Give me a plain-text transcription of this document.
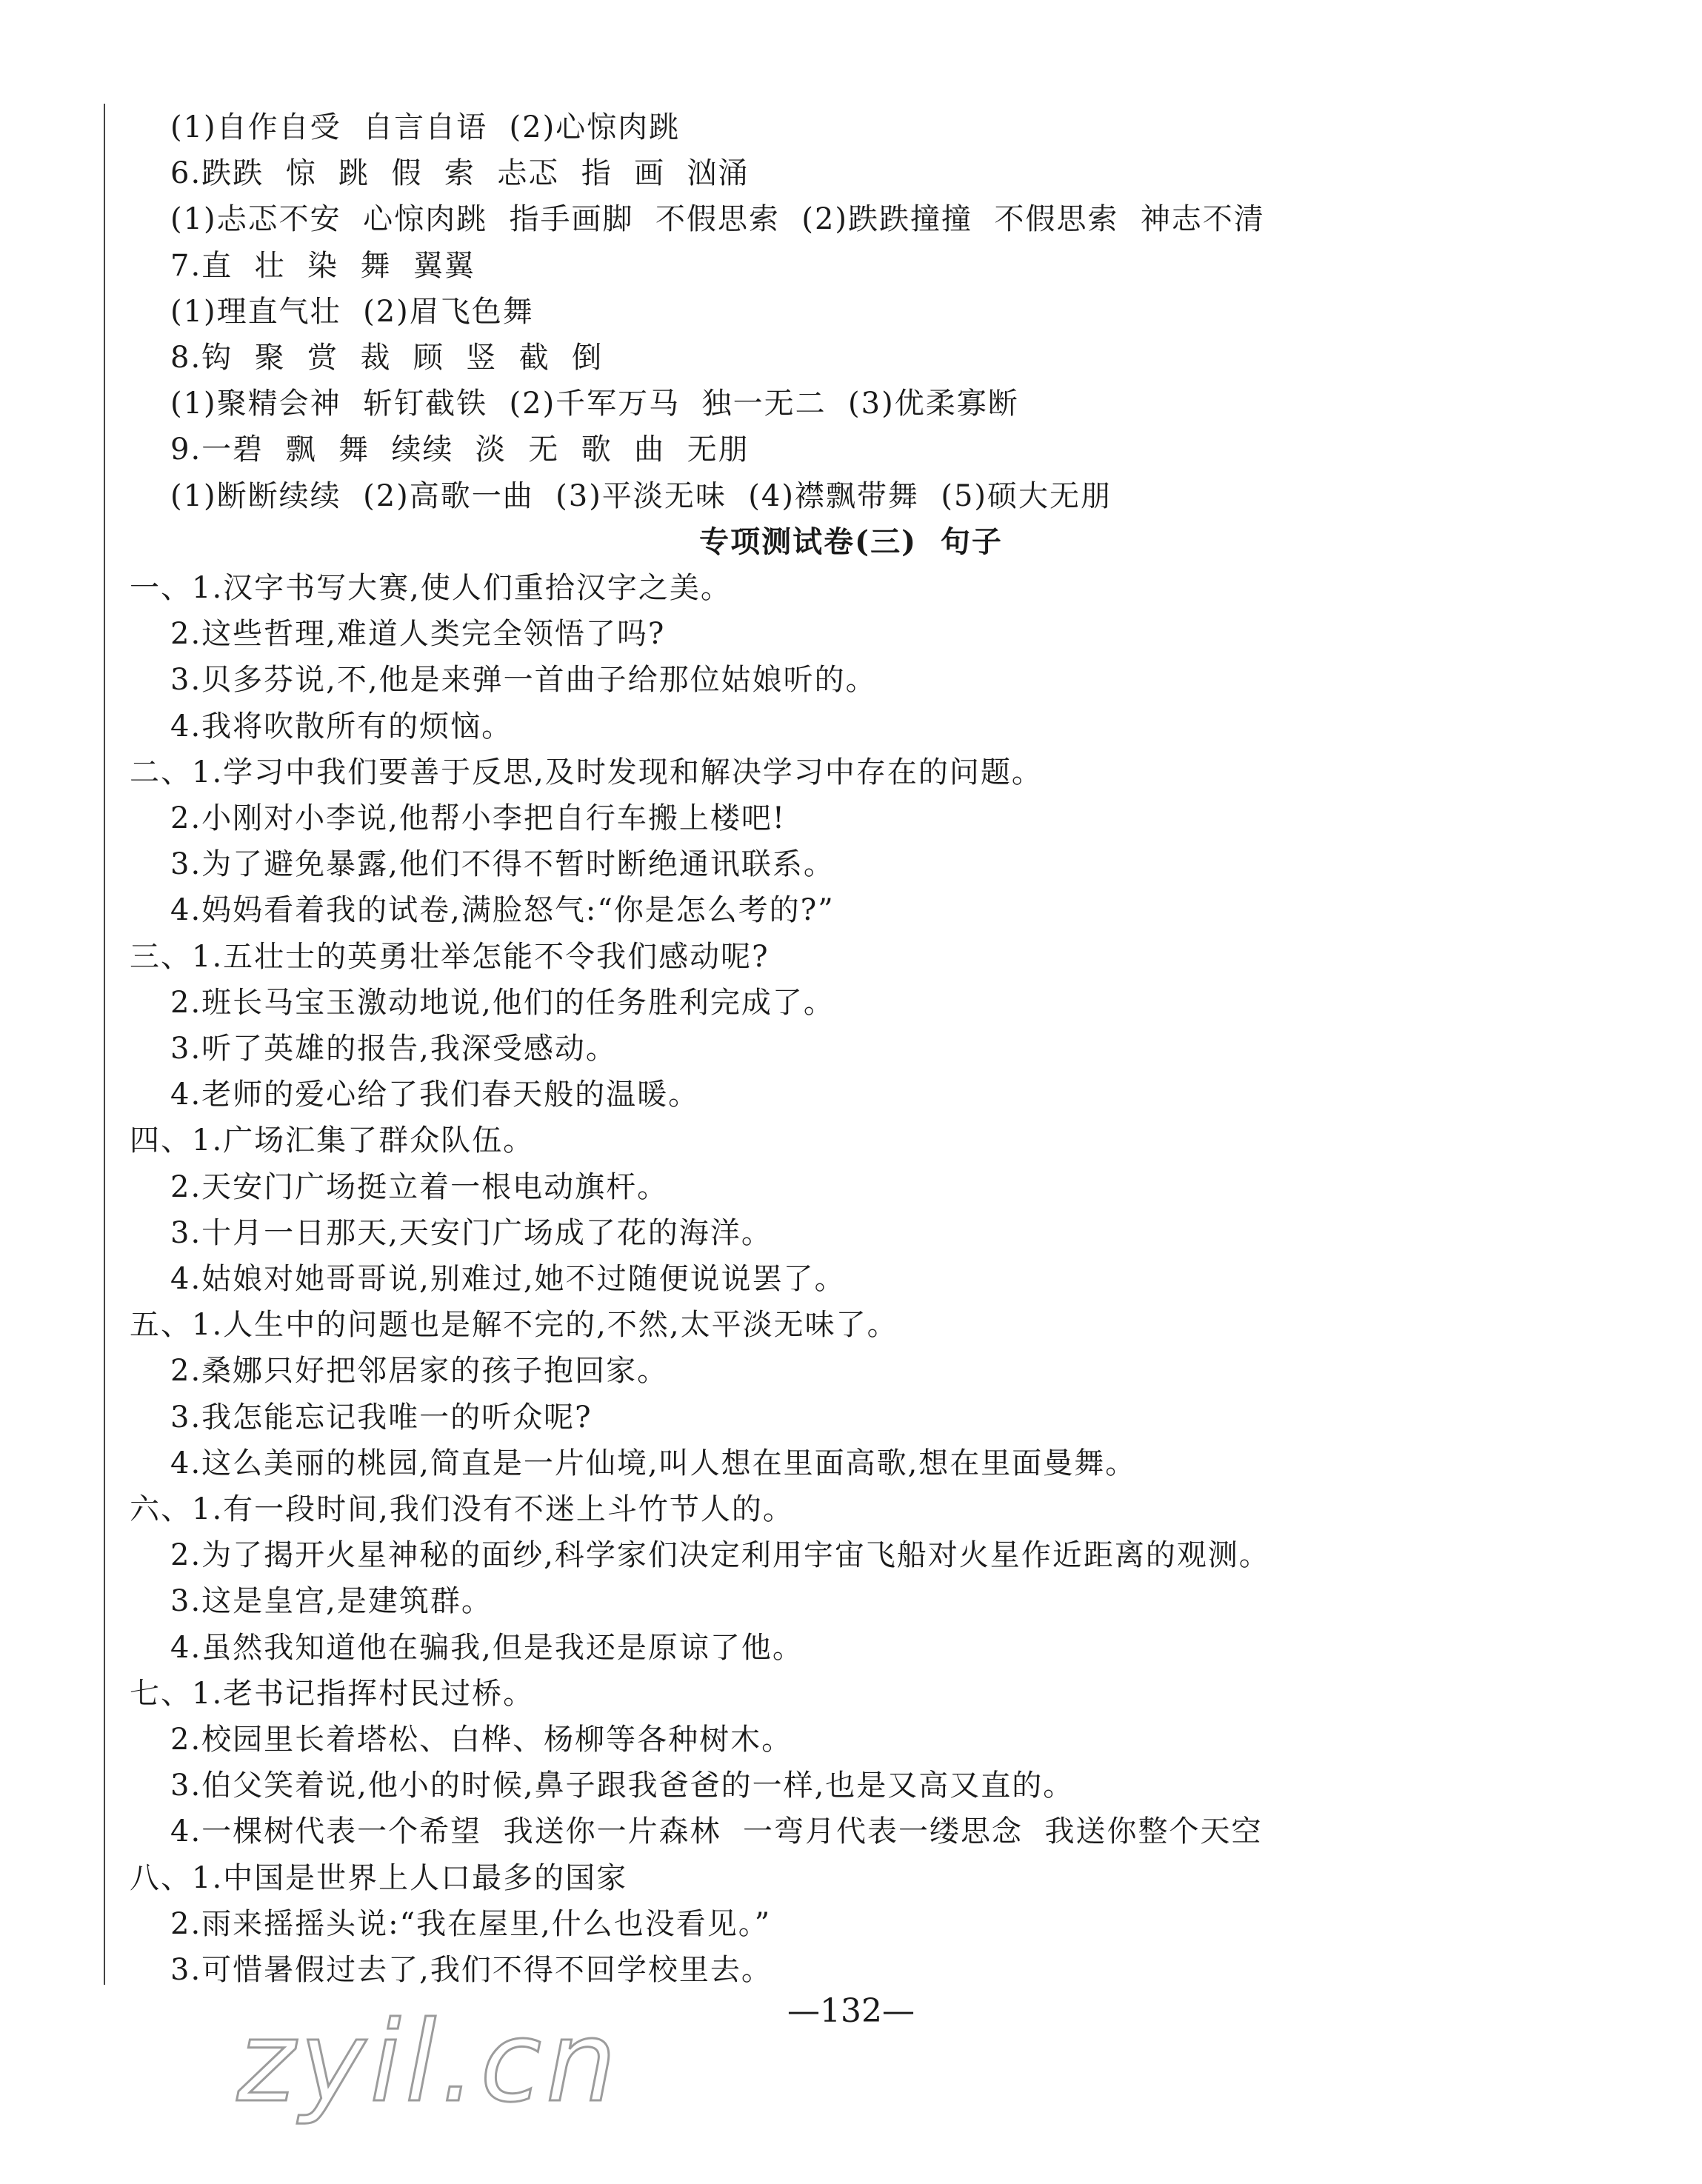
(1)自作自受  自言自语  (2)心惊肉跳
6.跌跌  惊  跳  假  索  忐忑  指  画  汹涌
(1)忐忑不安  心惊肉跳  指手画脚  不假思索  (2)跌跌撞撞  不假思索  神志不清
7.直  壮  染  舞  翼翼
(1)理直气壮  (2)眉飞色舞
8.钩  聚  赏  裁  顾  竖  截  倒
(1)聚精会神  斩钉截铁  (2)千军万马  独一无二  (3)优柔寡断
9.一碧  飘  舞  续续  淡  无  歌  曲  无朋
(1)断断续续  (2)高歌一曲  (3)平淡无味  (4)襟飘带舞  (5)硕大无朋
专项测试卷(三)  句子
一、1.汉字书写大赛,使人们重拾汉字之美。
2.这些哲理,难道人类完全领悟了吗?
3.贝多芬说,不,他是来弹一首曲子给那位姑娘听的。
4.我将吹散所有的烦恼。
二、1.学习中我们要善于反思,及时发现和解决学习中存在的问题。
2.小刚对小李说,他帮小李把自行车搬上楼吧!
3.为了避免暴露,他们不得不暂时断绝通讯联系。
4.妈妈看着我的试卷,满脸怒气:“你是怎么考的?”
三、1.五壮士的英勇壮举怎能不令我们感动呢?
2.班长马宝玉激动地说,他们的任务胜利完成了。
3.听了英雄的报告,我深受感动。
4.老师的爱心给了我们春天般的温暖。
四、1.广场汇集了群众队伍。
2.天安门广场挺立着一根电动旗杆。
3.十月一日那天,天安门广场成了花的海洋。
4.姑娘对她哥哥说,别难过,她不过随便说说罢了。
五、1.人生中的问题也是解不完的,不然,太平淡无味了。
2.桑娜只好把邻居家的孩子抱回家。
3.我怎能忘记我唯一的听众呢?
4.这么美丽的桃园,简直是一片仙境,叫人想在里面高歌,想在里面曼舞。
六、1.有一段时间,我们没有不迷上斗竹节人的。
2.为了揭开火星神秘的面纱,科学家们决定利用宇宙飞船对火星作近距离的观测。
3.这是皇宫,是建筑群。
4.虽然我知道他在骗我,但是我还是原谅了他。
七、1.老书记指挥村民过桥。
2.校园里长着塔松、白桦、杨柳等各种树木。
3.伯父笑着说,他小的时候,鼻子跟我爸爸的一样,也是又高又直的。
4.一棵树代表一个希望  我送你一片森林  一弯月代表一缕思念  我送你整个天空
八、1.中国是世界上人口最多的国家
2.雨来摇摇头说:“我在屋里,什么也没看见。”
3.可惜暑假过去了,我们不得不回学校里去。
—132—
zyil.cn
